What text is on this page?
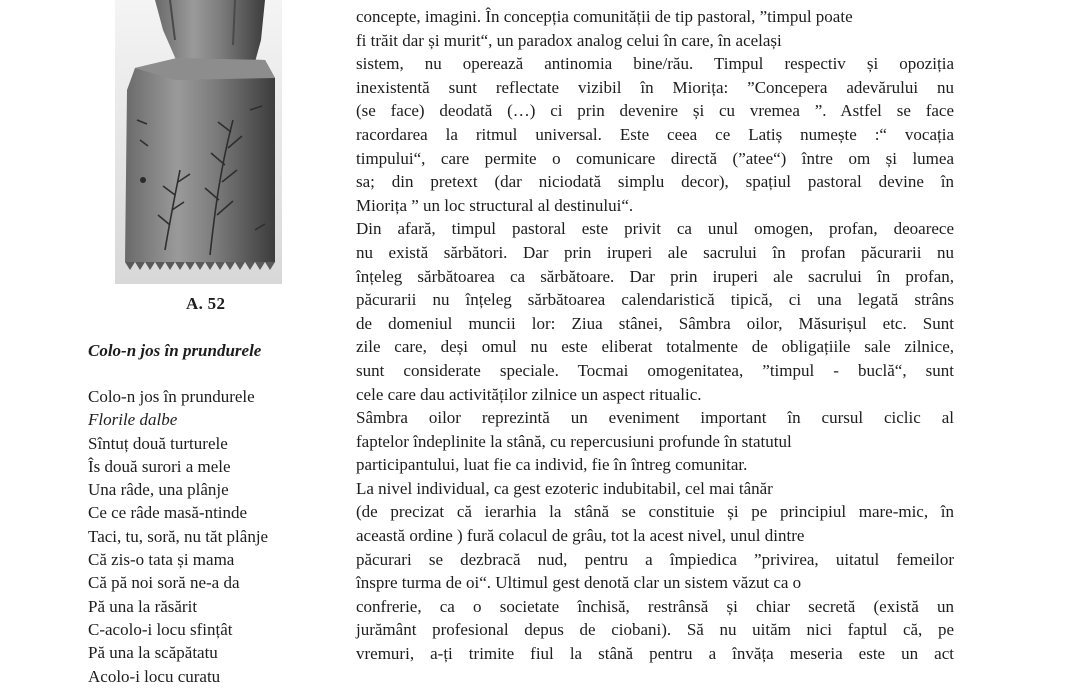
A. 52
Colo-n jos în prundurele
Colo-n jos în prundurele
Florile dalbe
Sîntuț două turturele
Îs două surori a mele
Una râde, una plânje
Ce ce râde masă-ntinde
Taci, tu, soră, nu tăt plânje
Că zis-o tata și mama
Că pă noi soră ne-a da
Pă una la răsărit
C-acolo-i locu sfințât
Pă una la scăpătatu
Acolo-i locu curatu
concepte, imagini. În concepția comunității de tip pastoral, ”timpul poate
fi trăit dar și murit“, un paradox analog celui în care, în același
sistem, nu operează antinomia bine/rău. Timpul respectiv și opoziția
inexistentă sunt reflectate vizibil în Miorița: ”Concepera adevărului nu
(se face) deodată (…) ci prin devenire și cu vremea ”. Astfel se face
racordarea la ritmul universal. Este ceea ce Latiș numește :“ vocația
timpului“, care permite o comunicare directă (”atee“) între om și lumea
sa; din pretext (dar niciodată simplu decor), spațiul pastoral devine în
Miorița ” un loc structural al destinului“.
Din afară, timpul pastoral este privit ca unul omogen, profan, deoarece
nu există sărbători. Dar prin iruperi ale sacrului în profan păcurarii nu
înțeleg sărbătoarea ca sărbătoare. Dar prin iruperi ale sacrului în profan,
păcurarii nu înțeleg sărbătoarea calendaristică tipică, ci una legată strâns
de domeniul muncii lor: Ziua stânei, Sâmbra oilor, Măsurișul etc. Sunt
zile care, deși omul nu este eliberat totalmente de obligațiile sale zilnice,
sunt considerate speciale. Tocmai omogenitatea, ”timpul - buclă“, sunt
cele care dau activităților zilnice un aspect ritualic.
Sâmbra oilor reprezintă un eveniment important în cursul ciclic al
faptelor îndeplinite la stână, cu repercusiuni profunde în statutul
participantului, luat fie ca individ, fie în întreg comunitar.
La nivel individual, ca gest ezoteric indubitabil, cel mai tânăr
(de precizat că ierarhia la stână se constituie și pe principiul mare-mic, în
această ordine ) fură colacul de grâu, tot la acest nivel, unul dintre
păcurari se dezbracă nud, pentru a împiedica ”privirea, uitatul femeilor
înspre turma de oi“. Ultimul gest denotă clar un sistem văzut ca o
confrerie, ca o societate închisă, restrânsă și chiar secretă (există un
jurământ profesional depus de ciobani). Să nu uităm nici faptul că, pe
vremuri, a-ți trimite fiul la stână pentru a învăța meseria este un act
